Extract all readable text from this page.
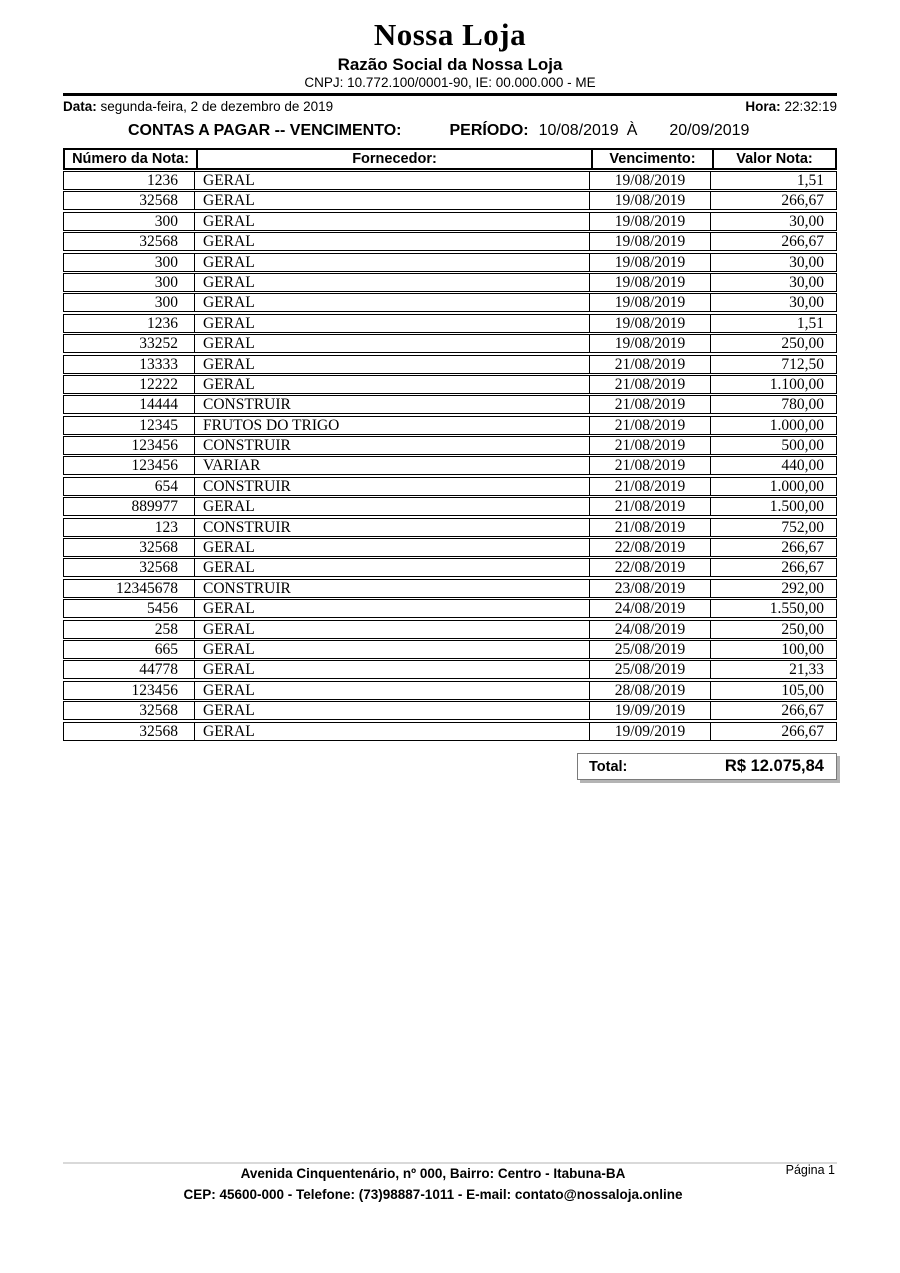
Nossa Loja
Razão Social da Nossa Loja
CNPJ: 10.772.100/0001-90, IE: 00.000.000 - ME
Data: segunda-feira, 2 de dezembro de 2019	Hora: 22:32:19
CONTAS A PAGAR -- VENCIMENTO:	PERÍODO: 10/08/2019 À 20/09/2019
Número da Nota:	Fornecedor:	Vencimento:	Valor Nota:
1236	GERAL	19/08/2019	1,51
32568	GERAL	19/08/2019	266,67
300	GERAL	19/08/2019	30,00
32568	GERAL	19/08/2019	266,67
300	GERAL	19/08/2019	30,00
300	GERAL	19/08/2019	30,00
300	GERAL	19/08/2019	30,00
1236	GERAL	19/08/2019	1,51
33252	GERAL	19/08/2019	250,00
13333	GERAL	21/08/2019	712,50
12222	GERAL	21/08/2019	1.100,00
14444	CONSTRUIR	21/08/2019	780,00
12345	FRUTOS DO TRIGO	21/08/2019	1.000,00
123456	CONSTRUIR	21/08/2019	500,00
123456	VARIAR	21/08/2019	440,00
654	CONSTRUIR	21/08/2019	1.000,00
889977	GERAL	21/08/2019	1.500,00
123	CONSTRUIR	21/08/2019	752,00
32568	GERAL	22/08/2019	266,67
32568	GERAL	22/08/2019	266,67
12345678	CONSTRUIR	23/08/2019	292,00
5456	GERAL	24/08/2019	1.550,00
258	GERAL	24/08/2019	250,00
665	GERAL	25/08/2019	100,00
44778	GERAL	25/08/2019	21,33
123456	GERAL	28/08/2019	105,00
32568	GERAL	19/09/2019	266,67
32568	GERAL	19/09/2019	266,67
Total:	R$ 12.075,84
Avenida Cinquentenário, nº 000, Bairro: Centro - Itabuna-BA
CEP: 45600-000 - Telefone: (73)98887-1011 - E-mail: contato@nossaloja.online
Página 1
